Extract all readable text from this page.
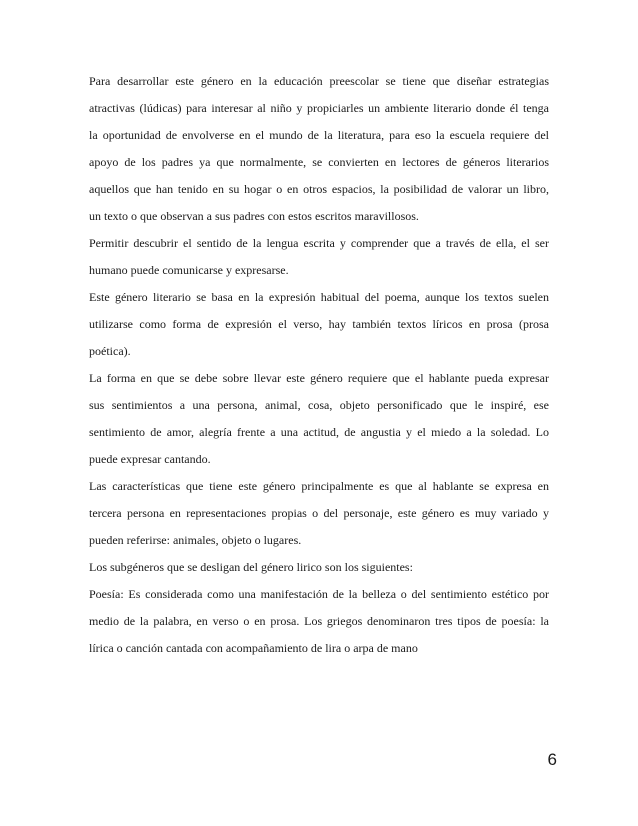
Para desarrollar este género en la educación preescolar se tiene que diseñar estrategias
atractivas (lúdicas) para interesar al niño y propiciarles un ambiente literario donde él tenga
la oportunidad de envolverse en el mundo de la literatura, para eso la escuela requiere del
apoyo de los padres ya que normalmente, se convierten en lectores de géneros literarios
aquellos que han tenido en su hogar o en otros espacios, la posibilidad de valorar un libro,
un texto o que observan a sus padres con estos escritos maravillosos.
Permitir descubrir el sentido de la lengua escrita y comprender que a través de ella, el ser
humano puede comunicarse y expresarse.
Este género literario se basa en la expresión habitual del poema, aunque los textos suelen
utilizarse como forma de expresión el verso, hay también textos líricos en prosa (prosa
poética).
La forma en que se debe sobre llevar este género requiere que el hablante pueda expresar
sus sentimientos a una persona, animal, cosa, objeto personificado que le inspiré, ese
sentimiento de amor, alegría frente a una actitud, de angustia y el miedo a la soledad. Lo
puede expresar cantando.
Las características que tiene este género principalmente es que al hablante se expresa en
tercera persona en representaciones propias o del personaje, este género es muy variado y
pueden referirse: animales, objeto o lugares.
Los subgéneros que se desligan del género lirico son los siguientes:
Poesía: Es considerada como una manifestación de la belleza o del sentimiento estético por
medio de la palabra, en verso o en prosa. Los griegos denominaron tres tipos de poesía: la
lírica o canción cantada con acompañamiento de lira o arpa de mano
6
